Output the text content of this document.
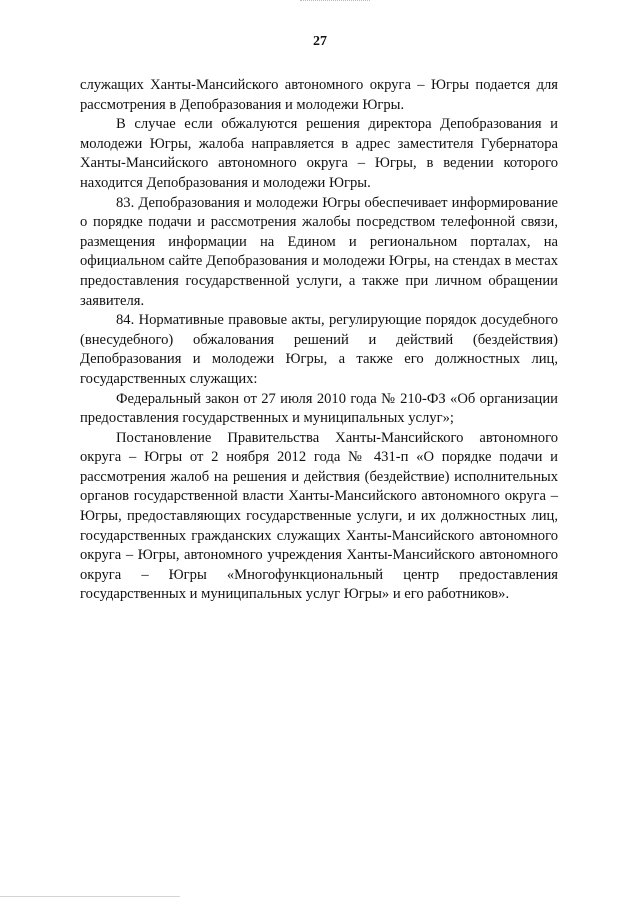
27

служащих Ханты-Мансийского автономного округа – Югры подается для рассмотрения в Депобразования и молодежи Югры.

В случае если обжалуются решения директора Депобразования и молодежи Югры, жалоба направляется в адрес заместителя Губернатора Ханты-Мансийского автономного округа – Югры, в ведении которого находится Депобразования и молодежи Югры.

83. Депобразования и молодежи Югры обеспечивает информирование о порядке подачи и рассмотрения жалобы посредством телефонной связи, размещения информации на Едином и региональном порталах, на официальном сайте Депобразования и молодежи Югры, на стендах в местах предоставления государственной услуги, а также при личном обращении заявителя.

84. Нормативные правовые акты, регулирующие порядок досудебного (внесудебного) обжалования решений и действий (бездействия) Депобразования и молодежи Югры, а также его должностных лиц, государственных служащих:

Федеральный закон от 27 июля 2010 года № 210-ФЗ «Об организации предоставления государственных и муниципальных услуг»;

Постановление Правительства Ханты-Мансийского автономного округа – Югры от 2 ноября 2012 года № 431-п «О порядке подачи и рассмотрения жалоб на решения и действия (бездействие) исполнительных органов государственной власти Ханты-Мансийского автономного округа – Югры, предоставляющих государственные услуги, и их должностных лиц, государственных гражданских служащих Ханты-Мансийского автономного округа – Югры, автономного учреждения Ханты-Мансийского автономного округа – Югры «Многофункциональный центр предоставления государственных и муниципальных услуг Югры» и его работников».
